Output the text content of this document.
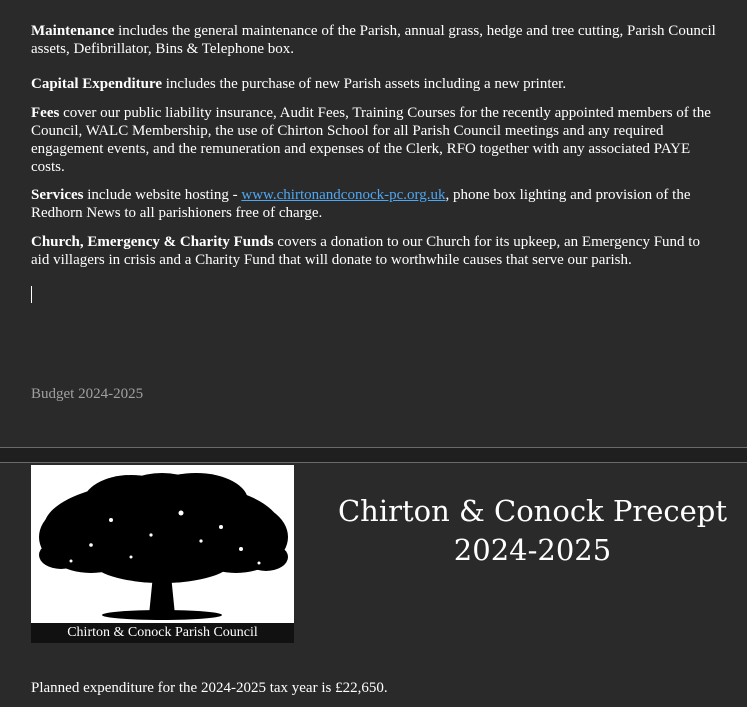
Maintenance includes the general maintenance of the Parish, annual grass, hedge and tree cutting, Parish Council assets, Defibrillator, Bins & Telephone box.

Capital Expenditure includes the purchase of new Parish assets including a new printer.

Fees cover our public liability insurance, Audit Fees, Training Courses for the recently appointed members of the Council, WALC Membership, the use of Chirton School for all Parish Council meetings and any required engagement events, and the remuneration and expenses of the Clerk, RFO together with any associated PAYE costs.

Services include website hosting - www.chirtonandconock-pc.org.uk, phone box lighting and provision of the Redhorn News to all parishioners free of charge.

Church, Emergency & Charity Funds covers a donation to our Church for its upkeep, an Emergency Fund to aid villagers in crisis and a Charity Fund that will donate to worthwhile causes that serve our parish.

Budget 2024-2025
Chirton & Conock Parish Council
Chirton & Conock Precept
2024-2025
Planned expenditure for the 2024-2025 tax year is £22,650.
